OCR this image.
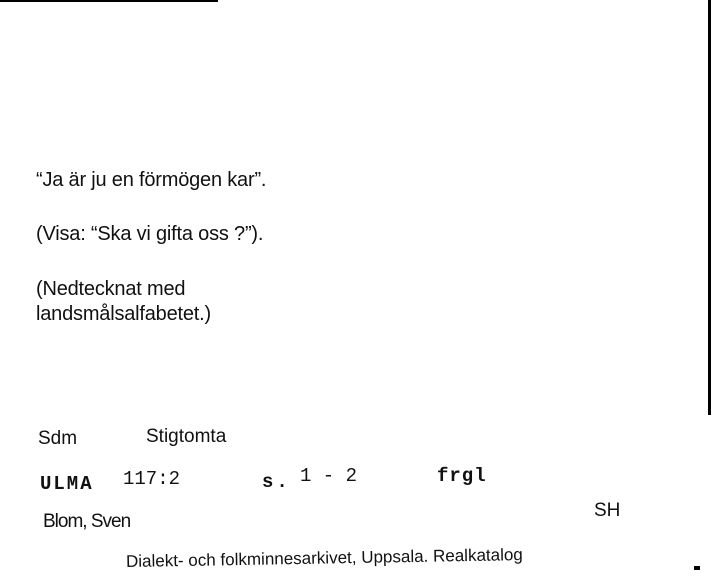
“Ja är ju en förmögen kar”.
(Visa: “Ska vi gifta oss ?”).
(Nedtecknat med
landsmålsalfabetet.)
Sdm	Stigtomta
ULMA 117:2	s. 1 - 2	frgl
Blom, Sven
SH
Dialekt- och folkminnesarkivet, Uppsala. Realkatalog
